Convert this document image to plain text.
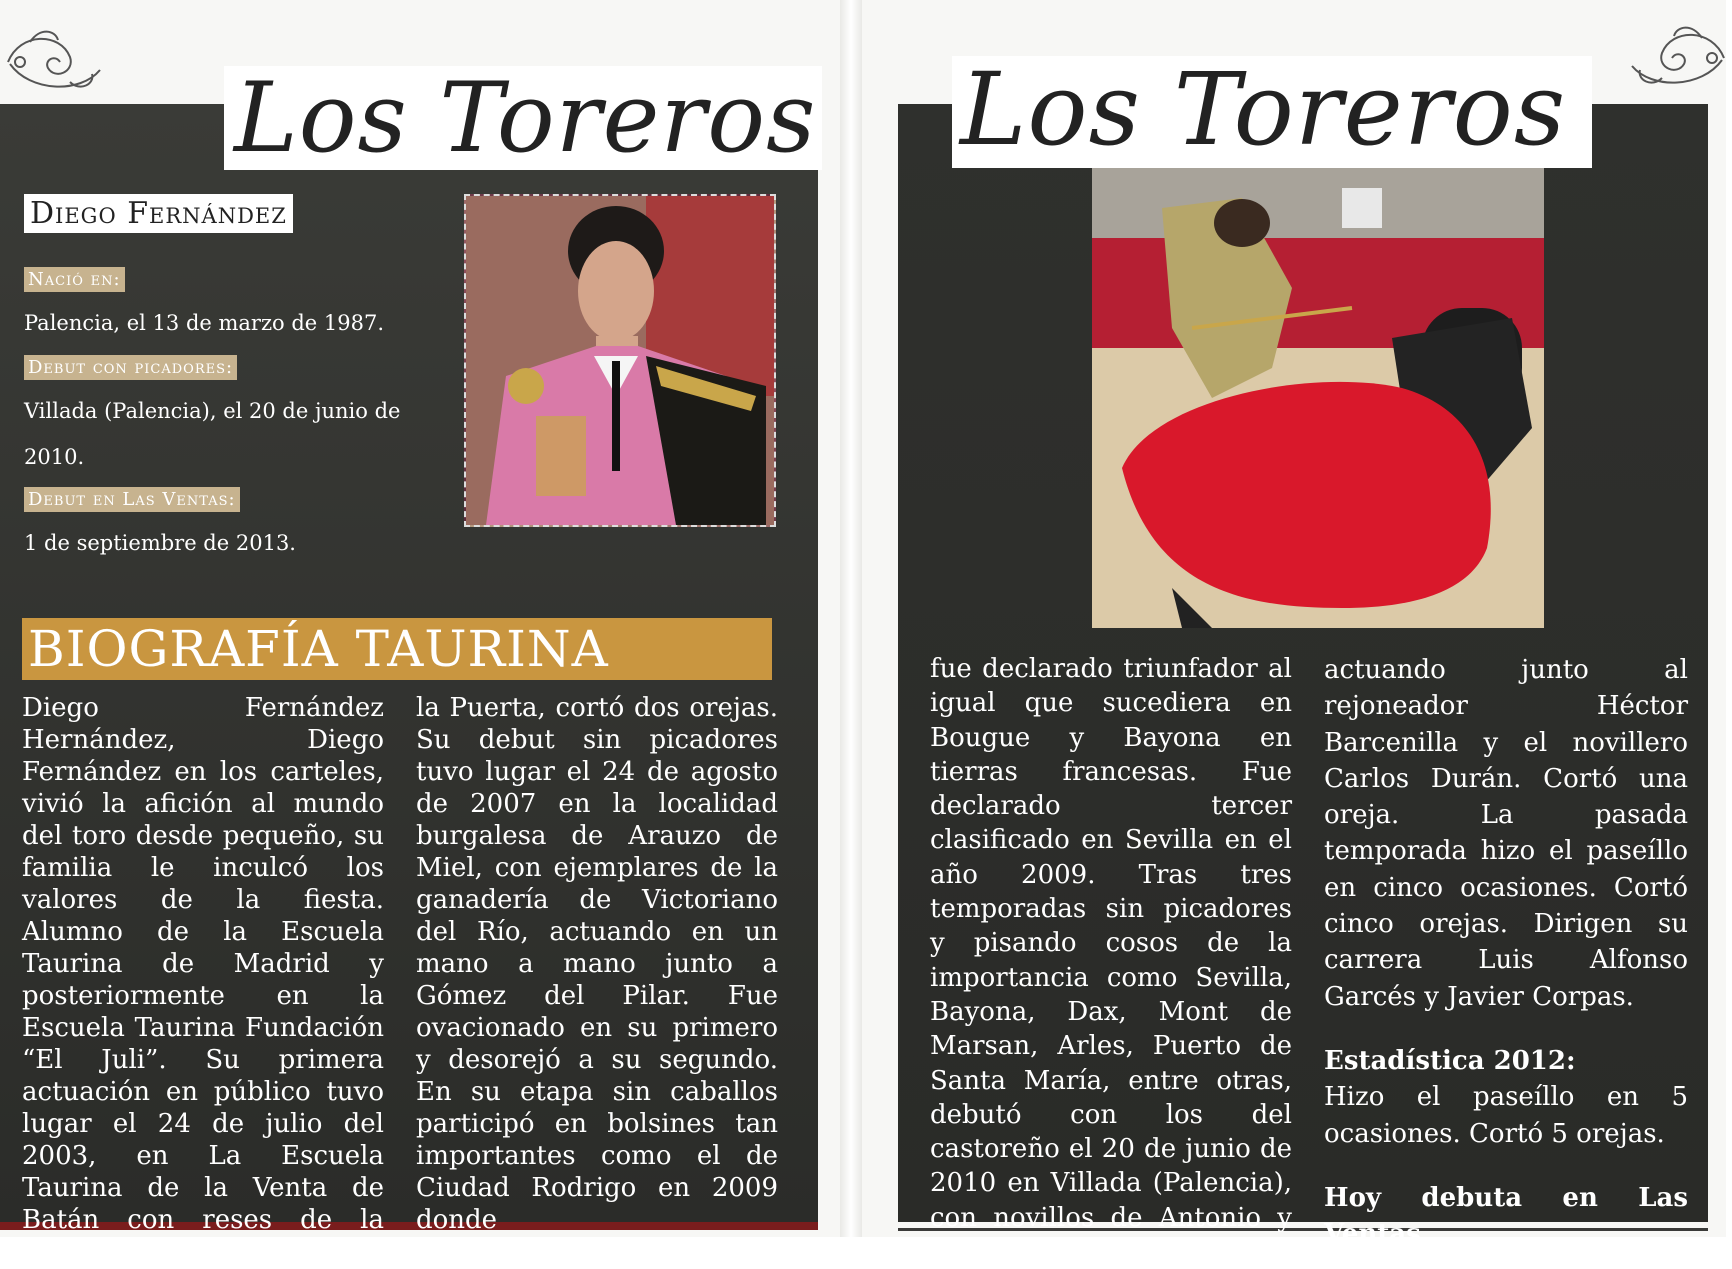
Los Toreros
Diego Fernández
Nació en:
Palencia, el 13 de marzo de 1987.
Debut con picadores:
Villada (Palencia), el 20 de junio de 2010.
Debut en Las Ventas:
1 de septiembre de 2013.
BIOGRAFÍA TAURINA
Diego Fernández Hernández, Diego Fernández en los carteles, vivió la afición al mundo del toro desde pequeño, su familia le inculcó los valores de la fiesta. Alumno de la Escuela Taurina de Madrid y posteriormente en la Escuela Taurina Fundación “El Juli”. Su primera actuación en público tuvo lugar el 24 de julio del 2003, en La Escuela Taurina de la Venta de Batán con reses de la ganadería de Julio de
la Puerta, cortó dos orejas. Su debut sin picadores tuvo lugar el 24 de agosto de 2007 en la localidad burgalesa de Arauzo de Miel, con ejemplares de la ganadería de Victoriano del Río, actuando en un mano a mano junto a Gómez del Pilar. Fue ovacionado en su primero y desorejó a su segundo. En su etapa sin caballos participó en bolsines tan importantes como el de Ciudad Rodrigo en 2009 donde
Los Toreros
fue declarado triunfador al igual que sucediera en Bougue y Bayona en tierras francesas. Fue declarado tercer clasificado en Sevilla en el año 2009. Tras tres temporadas sin picadores y pisando cosos de la importancia como Sevilla, Bayona, Dax, Mont de Marsan, Arles, Puerto de Santa María, entre otras, debutó con los del castoreño el 20 de junio de 2010 en Villada (Palencia), con novillos de Antonio y Miguel

actuando junto al rejoneador Héctor Barcenilla y el novillero Carlos Durán. Cortó una oreja. La pasada temporada hizo el paseíllo en cinco ocasiones. Cortó cinco orejas. Dirigen su carrera Luis Alfonso Garcés y Javier Corpas.

Estadística 2012:

Hizo el paseíllo en 5 ocasiones. Cortó 5 orejas.

Hoy debuta en Las Ventas
